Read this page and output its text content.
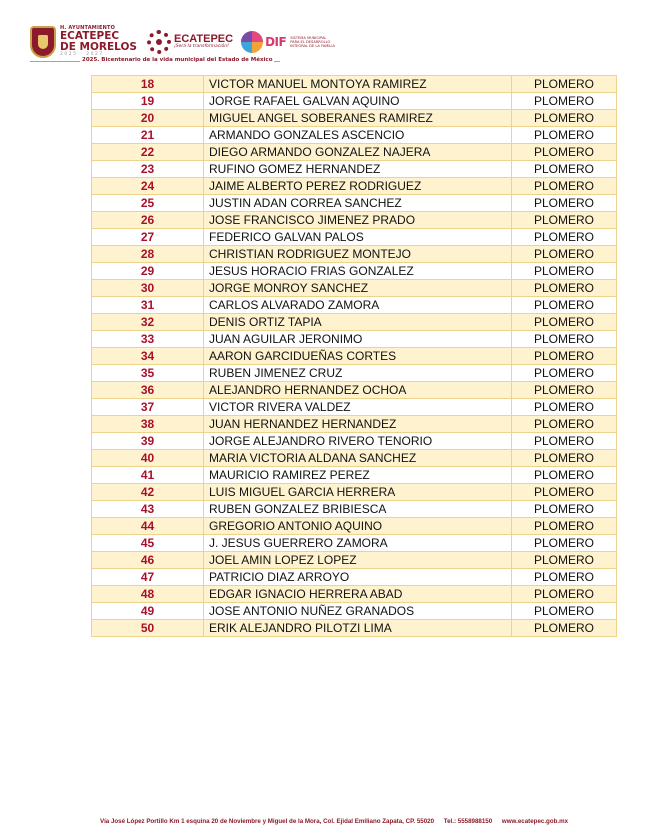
H. AYUNTAMIENTO
ECATEPEC
DE MORELOS
2025 · 2027
ECATEPEC
¡Será la transformación!	DIF SISTEMA MUNICIPAL PARA EL DESARROLLO INTEGRAL DE LA FAMILIA
2025. Bicentenario de la vida municipal del Estado de México
18	VICTOR MANUEL MONTOYA RAMIREZ	PLOMERO
19	JORGE RAFAEL GALVAN AQUINO	PLOMERO
20	MIGUEL ANGEL SOBERANES RAMIREZ	PLOMERO
21	ARMANDO GONZALES ASCENCIO	PLOMERO
22	DIEGO ARMANDO GONZALEZ NAJERA	PLOMERO
23	RUFINO GOMEZ HERNANDEZ	PLOMERO
24	JAIME ALBERTO PEREZ RODRIGUEZ	PLOMERO
25	JUSTIN ADAN CORREA SANCHEZ	PLOMERO
26	JOSE FRANCISCO JIMENEZ PRADO	PLOMERO
27	FEDERICO GALVAN PALOS	PLOMERO
28	CHRISTIAN RODRIGUEZ MONTEJO	PLOMERO
29	JESUS HORACIO FRIAS GONZALEZ	PLOMERO
30	JORGE MONROY SANCHEZ	PLOMERO
31	CARLOS ALVARADO ZAMORA	PLOMERO
32	DENIS ORTIZ TAPIA	PLOMERO
33	JUAN AGUILAR JERONIMO	PLOMERO
34	AARON GARCIDUEÑAS CORTES	PLOMERO
35	RUBEN JIMENEZ CRUZ	PLOMERO
36	ALEJANDRO HERNANDEZ OCHOA	PLOMERO
37	VICTOR RIVERA VALDEZ	PLOMERO
38	JUAN HERNANDEZ HERNANDEZ	PLOMERO
39	JORGE ALEJANDRO RIVERO TENORIO	PLOMERO
40	MARIA VICTORIA ALDANA SANCHEZ	PLOMERO
41	MAURICIO RAMIREZ PEREZ	PLOMERO
42	LUIS MIGUEL GARCIA HERRERA	PLOMERO
43	RUBEN GONZALEZ BRIBIESCA	PLOMERO
44	GREGORIO ANTONIO AQUINO	PLOMERO
45	J. JESUS GUERRERO ZAMORA	PLOMERO
46	JOEL AMIN LOPEZ LOPEZ	PLOMERO
47	PATRICIO DIAZ ARROYO	PLOMERO
48	EDGAR IGNACIO HERRERA ABAD	PLOMERO
49	JOSE ANTONIO NUÑEZ GRANADOS	PLOMERO
50	ERIK ALEJANDRO PILOTZI LIMA	PLOMERO
Vía José López Portillo Km 1 esquina 20 de Noviembre y Miguel de la Mora, Col. Ejidal Emiliano Zapata, CP. 55020 Tel.: 5558988150 www.ecatepec.gob.mx
